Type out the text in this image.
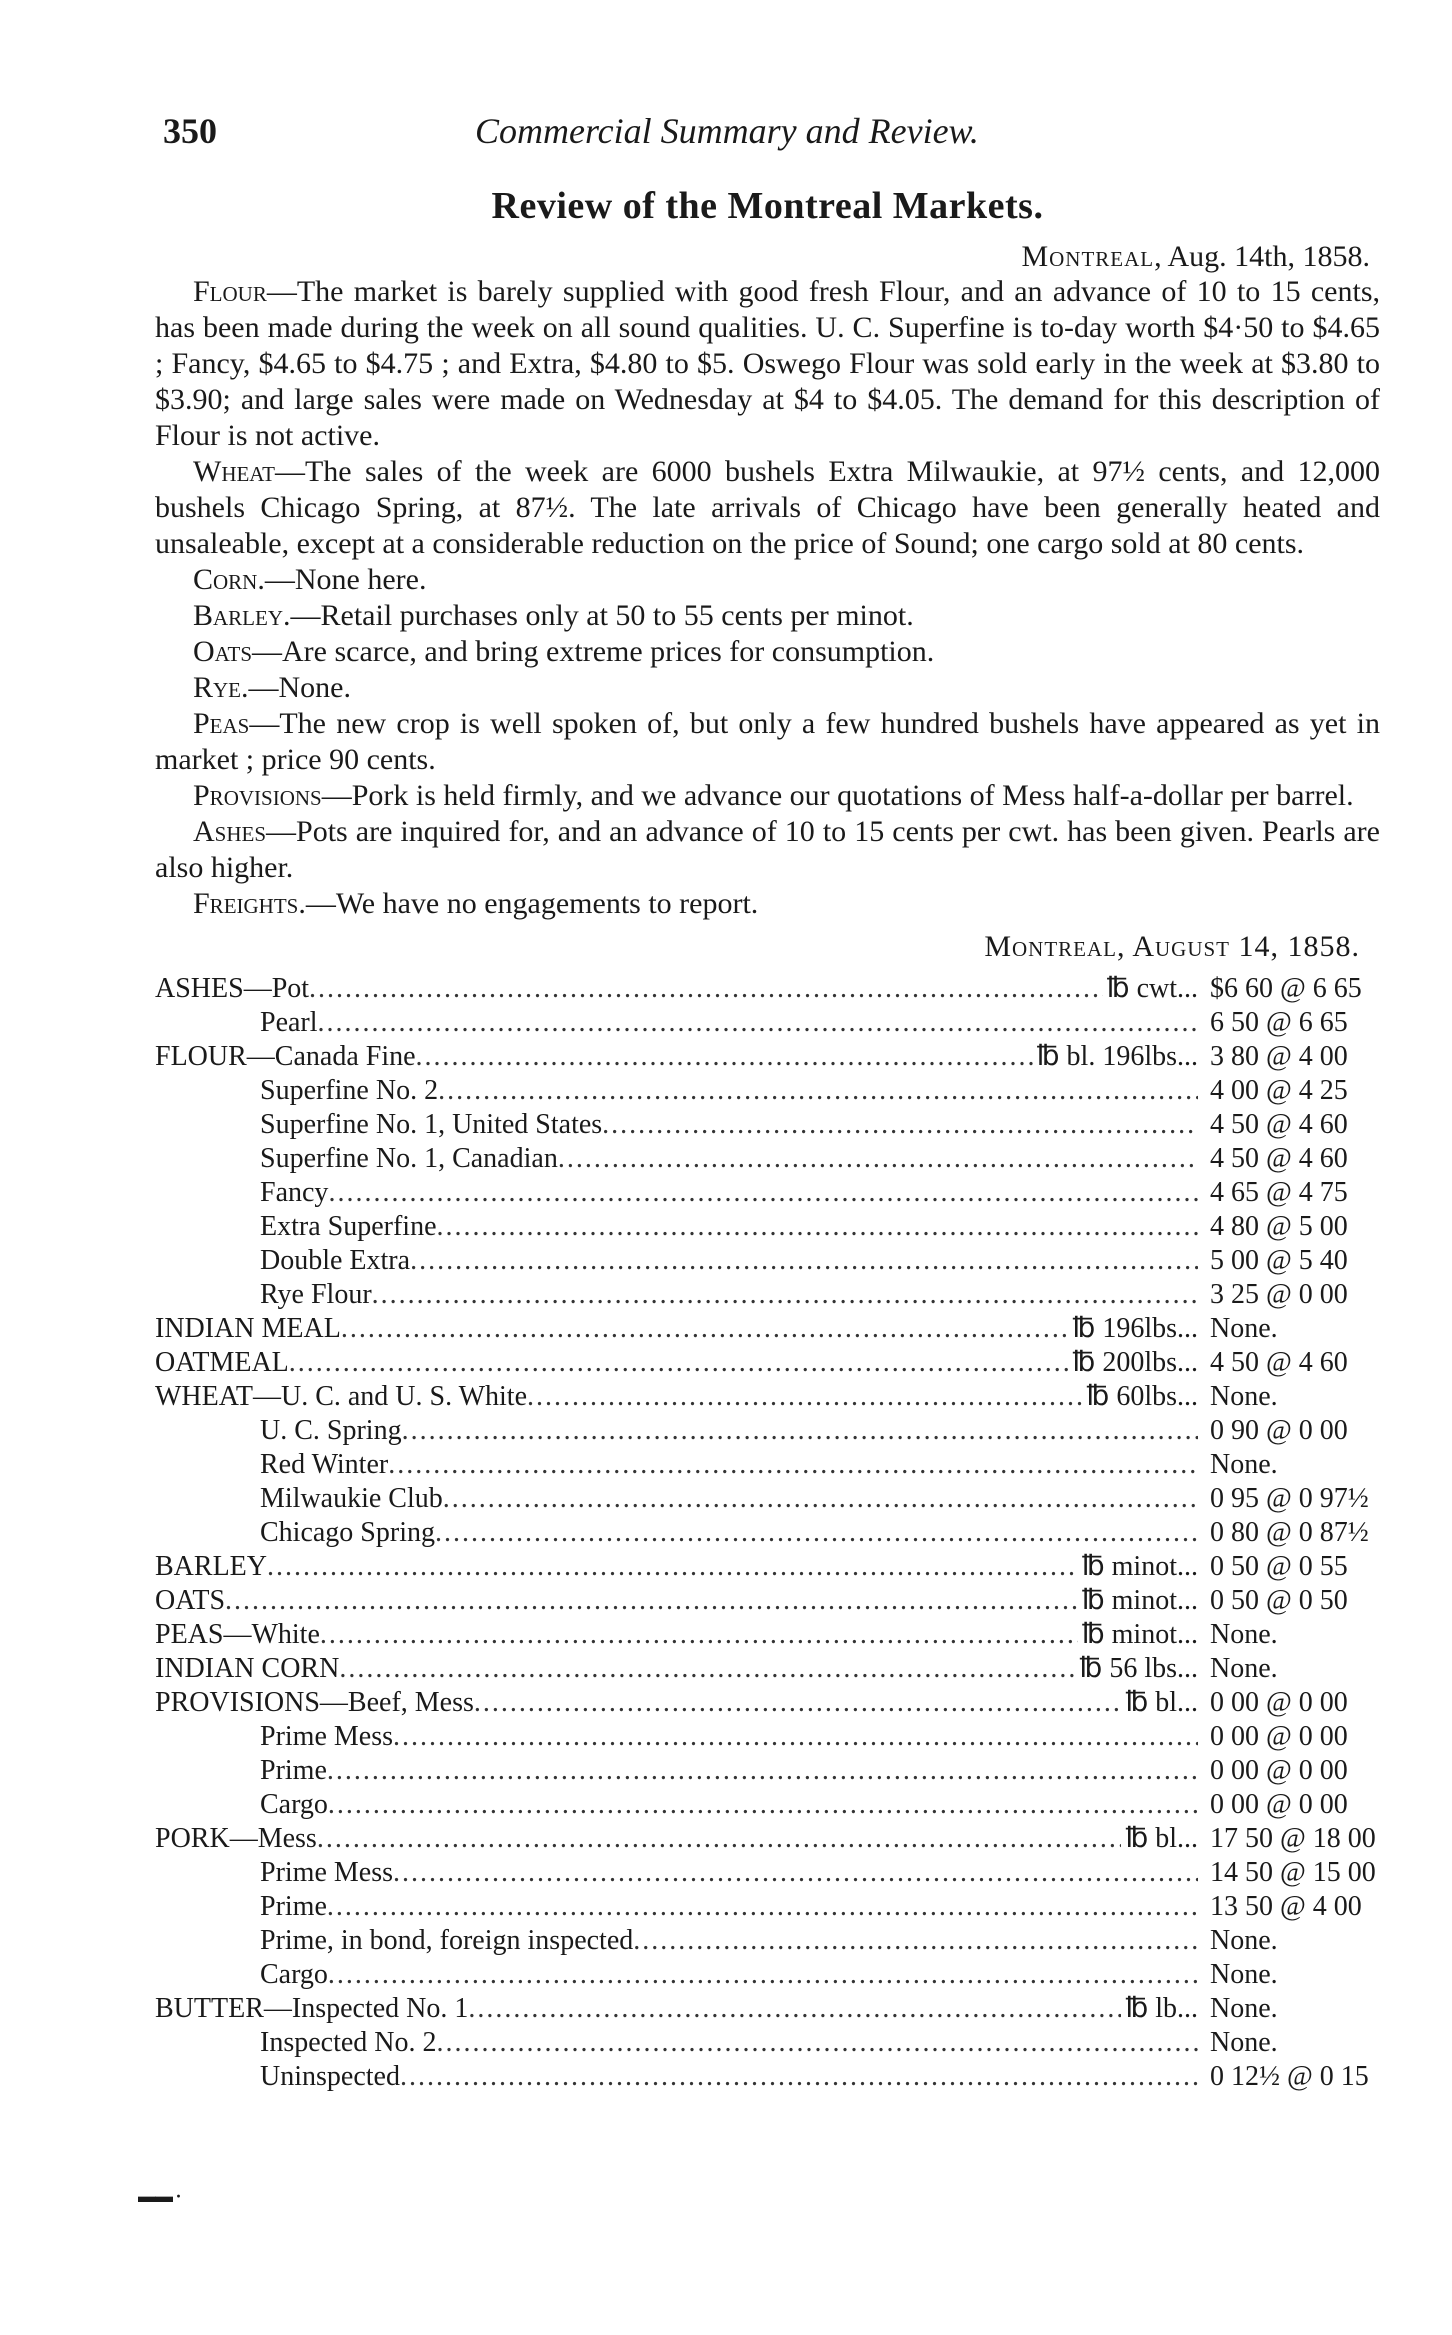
350	Commercial Summary and Review.
Review of the Montreal Markets.
Montreal, Aug. 14th, 1858.

Flour—The market is barely supplied with good fresh Flour, and an advance of 10 to 15 cents, has been made during the week on all sound qualities. U. C. Superfine is to-day worth $4·50 to $4.65 ; Fancy, $4.65 to $4.75 ; and Extra, $4.80 to $5. Oswego Flour was sold early in the week at $3.80 to $3.90; and large sales were made on Wednesday at $4 to $4.05. The demand for this description of Flour is not active.

Wheat—The sales of the week are 6000 bushels Extra Milwaukie, at 97½ cents, and 12,000 bushels Chicago Spring, at 87½. The late arrivals of Chicago have been generally heated and unsaleable, except at a considerable reduction on the price of Sound; one cargo sold at 80 cents.

Corn.—None here.

Barley.—Retail purchases only at 50 to 55 cents per minot.

Oats—Are scarce, and bring extreme prices for consumption.

Rye.—None.

Peas—The new crop is well spoken of, but only a few hundred bushels have appeared as yet in market ; price 90 cents.

Provisions—Pork is held firmly, and we advance our quotations of Mess half-a-dollar per barrel.

Ashes—Pots are inquired for, and an advance of 10 to 15 cents per cwt. has been given. Pearls are also higher.

Freights.—We have no engagements to report.

Montreal, August 14, 1858.
ASHES—Pot .....	℔ cwt... $6 60 @ 6 65
Pearl .....	6 50 @ 6 65
FLOUR—Canada Fine .....	℔ bl. 196lbs... 3 80 @ 4 00
Superfine No. 2 .....	4 00 @ 4 25
Superfine No. 1, United States .....	4 50 @ 4 60
Superfine No. 1, Canadian .....	4 50 @ 4 60
Fancy .....	4 65 @ 4 75
Extra Superfine .....	4 80 @ 5 00
Double Extra .....	5 00 @ 5 40
Rye Flour .....	3 25 @ 0 00
INDIAN MEAL .....	℔ 196lbs... None.
OATMEAL .....	℔ 200lbs... 4 50 @ 4 60
WHEAT—U. C. and U. S. White .....	℔ 60lbs... None.
U. C. Spring .....	0 90 @ 0 00
Red Winter .....	None.
Milwaukie Club .....	0 95 @ 0 97½
Chicago Spring .....	0 80 @ 0 87½
BARLEY .....	℔ minot... 0 50 @ 0 55
OATS .....	℔ minot... 0 50 @ 0 50
PEAS—White .....	℔ minot... None.
INDIAN CORN .....	℔ 56 lbs... None.
PROVISIONS—Beef, Mess .....	℔ bl... 0 00 @ 0 00
Prime Mess .....	0 00 @ 0 00
Prime .....	0 00 @ 0 00
Cargo .....	0 00 @ 0 00
PORK—Mess .....	℔ bl... 17 50 @ 18 00
Prime Mess .....	14 50 @ 15 00
Prime .....	13 50 @ 4 00
Prime, in bond, foreign inspected .....	None.
Cargo .....	None.
BUTTER—Inspected No. 1 .....	℔ lb... None.
Inspected No. 2 .....	None.
Uninspected .....	0 12½ @ 0 15
▬▬ ·
